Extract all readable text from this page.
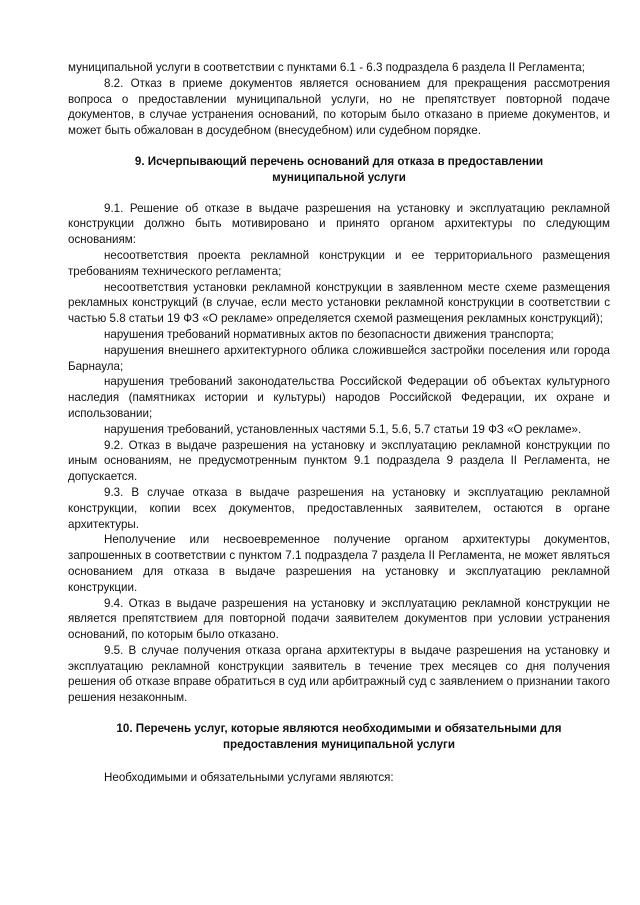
муниципальной услуги в соответствии с пунктами 6.1 - 6.3 подраздела 6 раздела II Регламента;

8.2. Отказ в приеме документов является основанием для прекращения рассмотрения вопроса о предоставлении муниципальной услуги, но не препятствует повторной подаче документов, в случае устранения оснований, по которым было отказано в приеме документов, и может быть обжалован в досудебном (внесудебном) или судебном порядке.

9. Исчерпывающий перечень оснований для отказа в предоставлении муниципальной услуги

9.1. Решение об отказе в выдаче разрешения на установку и эксплуатацию рекламной конструкции должно быть мотивировано и принято органом архитектуры по следующим основаниям:

несоответствия проекта рекламной конструкции и ее территориального размещения требованиям технического регламента;

несоответствия установки рекламной конструкции в заявленном месте схеме размещения рекламных конструкций (в случае, если место установки рекламной конструкции в соответствии с частью 5.8 статьи 19 ФЗ «О рекламе» определяется схемой размещения рекламных конструкций);

нарушения требований нормативных актов по безопасности движения транспорта;

нарушения внешнего архитектурного облика сложившейся застройки поселения или города Барнаула;

нарушения требований законодательства Российской Федерации об объектах культурного наследия (памятниках истории и культуры) народов Российской Федерации, их охране и использовании;

нарушения требований, установленных частями 5.1, 5.6, 5.7 статьи 19 ФЗ «О рекламе».

9.2. Отказ в выдаче разрешения на установку и эксплуатацию рекламной конструкции по иным основаниям, не предусмотренным пунктом 9.1 подраздела 9 раздела II Регламента, не допускается.

9.3. В случае отказа в выдаче разрешения на установку и эксплуатацию рекламной конструкции, копии всех документов, предоставленных заявителем, остаются в органе архитектуры.

Неполучение или несвоевременное получение органом архитектуры документов, запрошенных в соответствии с пунктом 7.1 подраздела 7 раздела II Регламента, не может являться основанием для отказа в выдаче разрешения на установку и эксплуатацию рекламной конструкции.

9.4. Отказ в выдаче разрешения на установку и эксплуатацию рекламной конструкции не является препятствием для повторной подачи заявителем документов при условии устранения оснований, по которым было отказано.

9.5. В случае получения отказа органа архитектуры в выдаче разрешения на установку и эксплуатацию рекламной конструкции заявитель в течение трех месяцев со дня получения решения об отказе вправе обратиться в суд или арбитражный суд с заявлением о признании такого решения незаконным.

10. Перечень услуг, которые являются необходимыми и обязательными для предоставления муниципальной услуги

Необходимыми и обязательными услугами являются:
